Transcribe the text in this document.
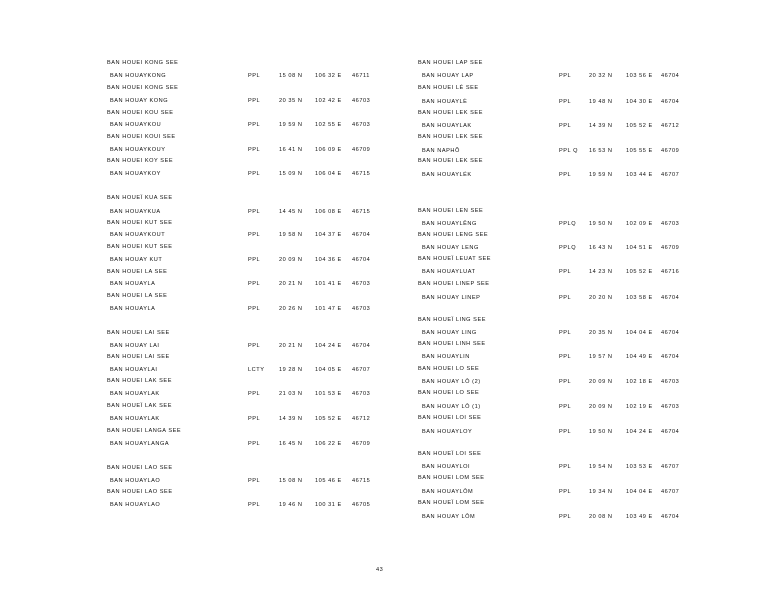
BAN HOUEI KONG SEE
BAN HOUAYKONG	PPL	15 08 N 106 32 E 46711
BAN HOUEI KONG SEE
BAN HOUAY KONG	PPL	20 35 N 102 42 E 46703
BAN HOUEI KOU SEE
BAN HOUAYKOU	PPL	19 59 N 102 55 E 46703
BAN HOUEI KOUI SEE
BAN HOUAYKOUY	PPL	16 41 N 106 09 E 46709
BAN HOUEI KOY SEE
BAN HOUAYKOY	PPL	15 09 N 106 04 E 46715
BAN HOUEÏ KUA SEE
BAN HOUAYKUA	PPL	14 45 N 106 08 E 46715
BAN HOUEI KUT SEE
BAN HOUAYKOUT	PPL	19 58 N 104 37 E 46704
BAN HOUEI KUT SEE
BAN HOUAY KUT	PPL	20 09 N 104 36 E 46704
BAN HOUEI LA SEE
BAN HOUAYLA	PPL	20 21 N 101 41 E 46703
BAN HOUEI LA SEE
BAN HOUAYLA	PPL	20 26 N 101 47 E 46703
BAN HOUEI LAI SEE
BAN HOUAY LAI	PPL	20 21 N 104 24 E 46704
BAN HOUEI LAI SEE
BAN HOUAYLAI	LCTY	19 28 N 104 05 E 46707
BAN HOUEI LAK SEE
BAN HOUAYLAK	PPL	21 03 N 101 53 E 46703
BAN HOUEÏ LAK SEE
BAN HOUAYLAK	PPL	14 39 N 105 52 E 46712
BAN HOUEI LANGA SEE
BAN HOUAYLANGA	PPL	16 45 N 106 22 E 46709
BAN HOUEI LAO SEE
BAN HOUAYLAO	PPL	15 08 N 105 46 E 46715
BAN HOUEI LAO SEE
BAN HOUAYLAO	PPL	19 46 N 100 31 E 46705
BAN HOUEI LAP SEE
BAN HOUAY LAP	PPL	20 32 N 103 56 E 46704
BAN HOUEI LÉ SEE
BAN HOUAYLÈ	PPL	19 48 N 104 30 E 46704
BAN HOUEI LEK SEE
BAN HOUAYLAK	PPL	14 39 N 105 52 E 46712
BAN HOUEI LEK SEE
BAN NAPHÕ	PPL Q 16 53 N 105 55 E 46709
BAN HOUEI LEK SEE
BAN HOUAYLÉK	PPL	19 59 N 103 44 E 46707
BAN HOUEI LEN SEE
BAN HOUAYLÊNG	PPLQ 19 50 N 102 09 E 46703
BAN HOUEI LENG SEE
BAN HOUAY LENG	PPLQ 16 43 N 104 51 E 46709
BAN HOUEÏ LEUAT SEE
BAN HOUAYLUAT	PPL	14 23 N 105 52 E 46716
BAN HOUEI LINEP SEE
BAN HOUAY LINEP	PPL	20 20 N 103 58 E 46704
BAN HOUEÏ LING SEE
BAN HOUAY LING	PPL	20 35 N 104 04 E 46704
BAN HOUEI LINH SEE
BAN HOUAYLIN	PPL	19 57 N 104 49 E 46704
BAN HOUEI LO SEE
BAN HOUAY LÔ (2)	PPL	20 09 N 102 18 E 46703
BAN HOUEI LO SEE
BAN HOUAY LÔ (1)	PPL	20 09 N 102 19 E 46703
BAN HOUEI LOI SEE
BAN HOUAYLOY	PPL	19 50 N 104 24 E 46704
BAN HOUEÏ LOI SEE
BAN HOUAYLOI	PPL	19 54 N 103 53 E 46707
BAN HOUEI LOM SEE
BAN HOUAYLÔM	PPL	19 34 N 104 04 E 46707
BAN HOUEÏ LOM SEE
BAN HOUAY LÔM	PPL	20 08 N 103 49 E 46704
43
